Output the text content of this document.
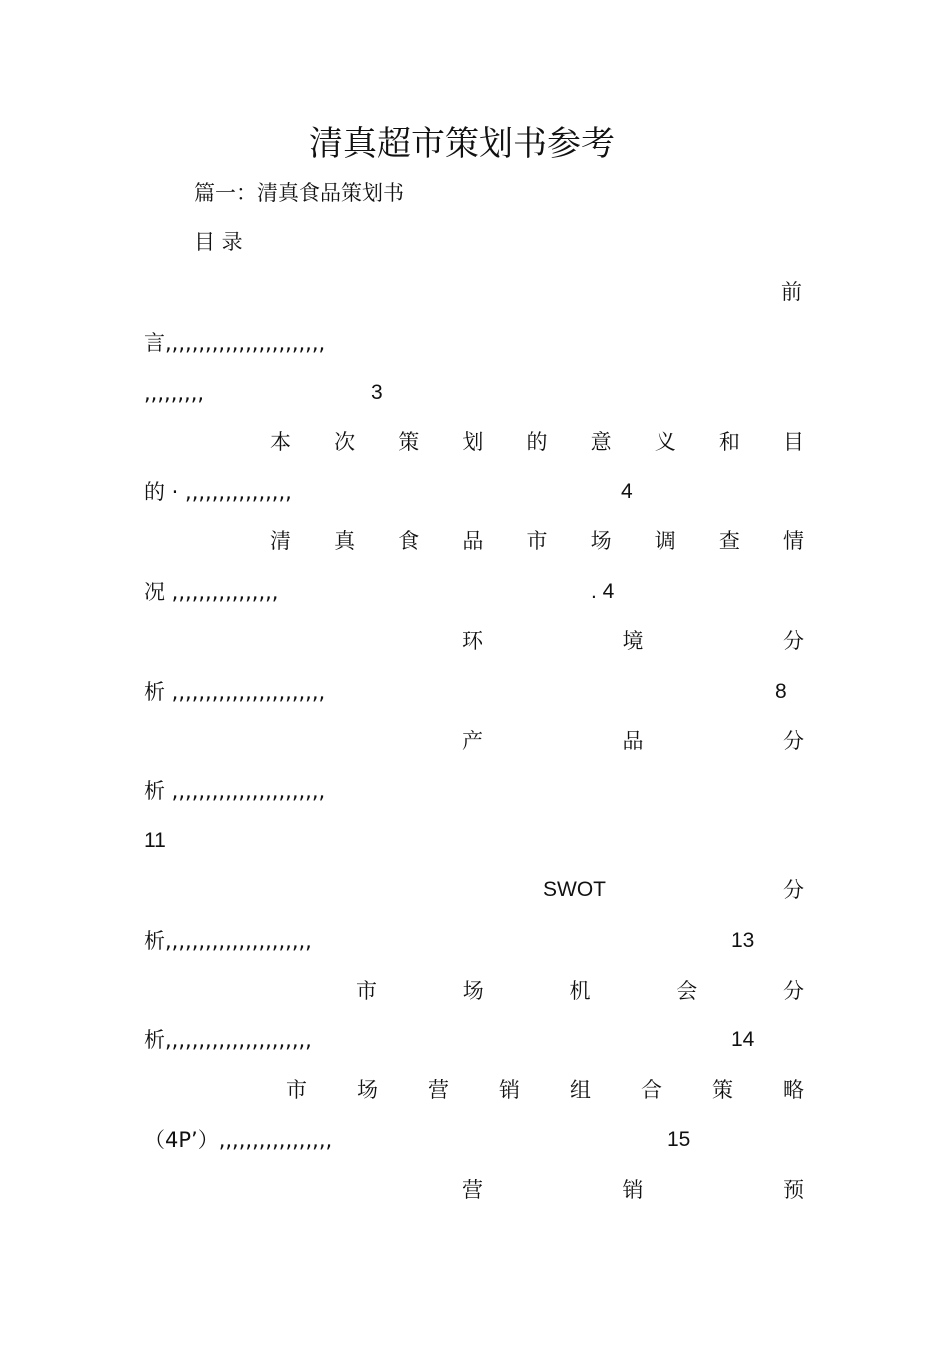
清真超市策划书参考
篇一：清真食品策划书
目 录
前
言,,,,,,,,,,,,,,,,,,,,,,,,
,,,,,,,,,	3
本 次 策 划 的 意 义 和 目
的 · ,,,,,,,,,,,,,,,,	4
清 真 食 品 市 场 调 查 情
况 ,,,,,,,,,,,,,,,,	. 4
环	境	分
析 ,,,,,,,,,,,,,,,,,,,,,,,	8
产	品	分
析 ,,,,,,,,,,,,,,,,,,,,,,,
11
SWOT	分
析,,,,,,,,,,,,,,,,,,,,,,	13
市	场	机	会	分
析,,,,,,,,,,,,,,,,,,,,,,	14
市 场 营 销 组 合 策 略
（4P’）,,,,,,,,,,,,,,,,,	15
营	销	预
